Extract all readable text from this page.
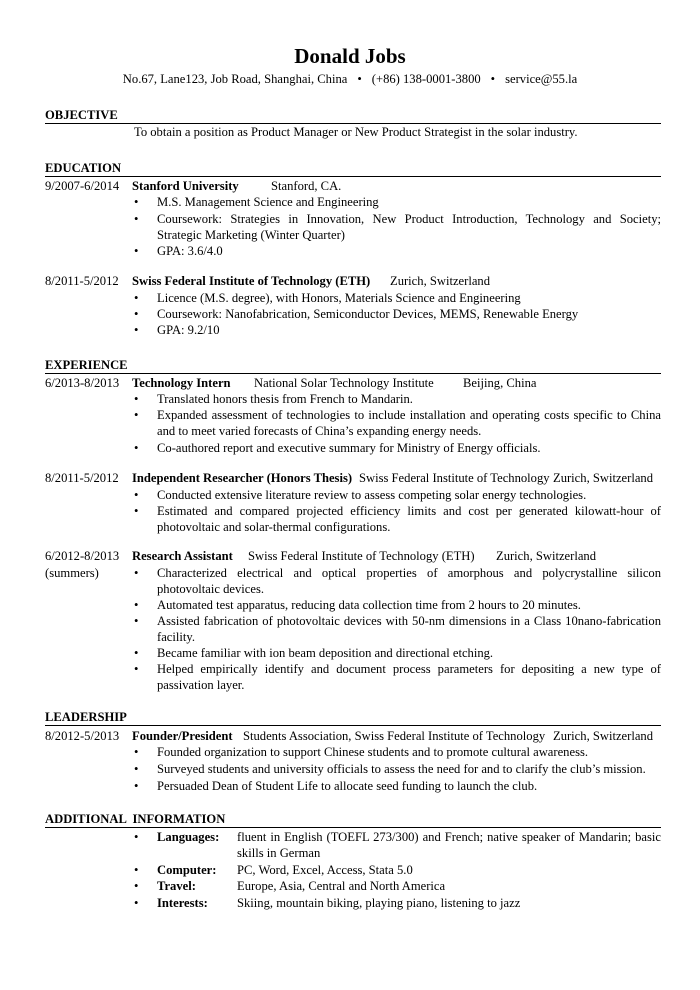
Donald Jobs
No.67, Lane123, Job Road, Shanghai, China • (+86) 138-0001-3800 • service@55.la
OBJECTIVE
To obtain a position as Product Manager or New Product Strategist in the solar industry.
EDUCATION
9/2007-6/2014 Stanford University	Stanford, CA.
•
M.S. Management Science and Engineering
•
Coursework: Strategies in Innovation, New Product Introduction, Technology and Society; Strategic Marketing (Winter Quarter)
•
GPA: 3.6/4.0
8/2011-5/2012 Swiss Federal Institute of Technology (ETH) Zurich, Switzerland
•
Licence (M.S. degree), with Honors, Materials Science and Engineering
•
Coursework: Nanofabrication, Semiconductor Devices, MEMS, Renewable Energy
•
GPA: 9.2/10
EXPERIENCE
6/2013-8/2013 Technology Intern National Solar Technology Institute Beijing, China
•
Translated honors thesis from French to Mandarin.
•
Expanded assessment of technologies to include installation and operating costs specific to China and to meet varied forecasts of China’s expanding energy needs.
•
Co-authored report and executive summary for Ministry of Energy officials.
8/2011-5/2012 Independent Researcher (Honors Thesis) Swiss Federal Institute of Technology Zurich, Switzerland
•
Conducted extensive literature review to assess competing solar energy technologies.
•
Estimated and compared projected efficiency limits and cost per generated kilowatt-hour of photovoltaic and solar-thermal configurations.
6/2012-8/2013
(summers)
Research Assistant Swiss Federal Institute of Technology (ETH) Zurich, Switzerland
•
Characterized electrical and optical properties of amorphous and polycrystalline silicon photovoltaic devices.
•
Automated test apparatus, reducing data collection time from 2 hours to 20 minutes.
•
Assisted fabrication of photovoltaic devices with 50-nm dimensions in a Class 10nano-fabrication facility.
•
Became familiar with ion beam deposition and directional etching.
•
Helped empirically identify and document process parameters for depositing a new type of passivation layer.
LEADERSHIP
8/2012-5/2013 Founder/President Students Association, Swiss Federal Institute of Technology Zurich, Switzerland
•
Founded organization to support Chinese students and to promote cultural awareness.
•
Surveyed students and university officials to assess the need for and to clarify the club’s mission.
•
Persuaded Dean of Student Life to allocate seed funding to launch the club.
ADDITIONAL  INFORMATION
•
Languages: fluent in English (TOEFL 273/300) and French; native speaker of Mandarin; basic skills in German
•
Computer: PC, Word, Excel, Access, Stata 5.0
•
Travel:	Europe, Asia, Central and North America
•
Interests: Skiing, mountain biking, playing piano, listening to jazz
